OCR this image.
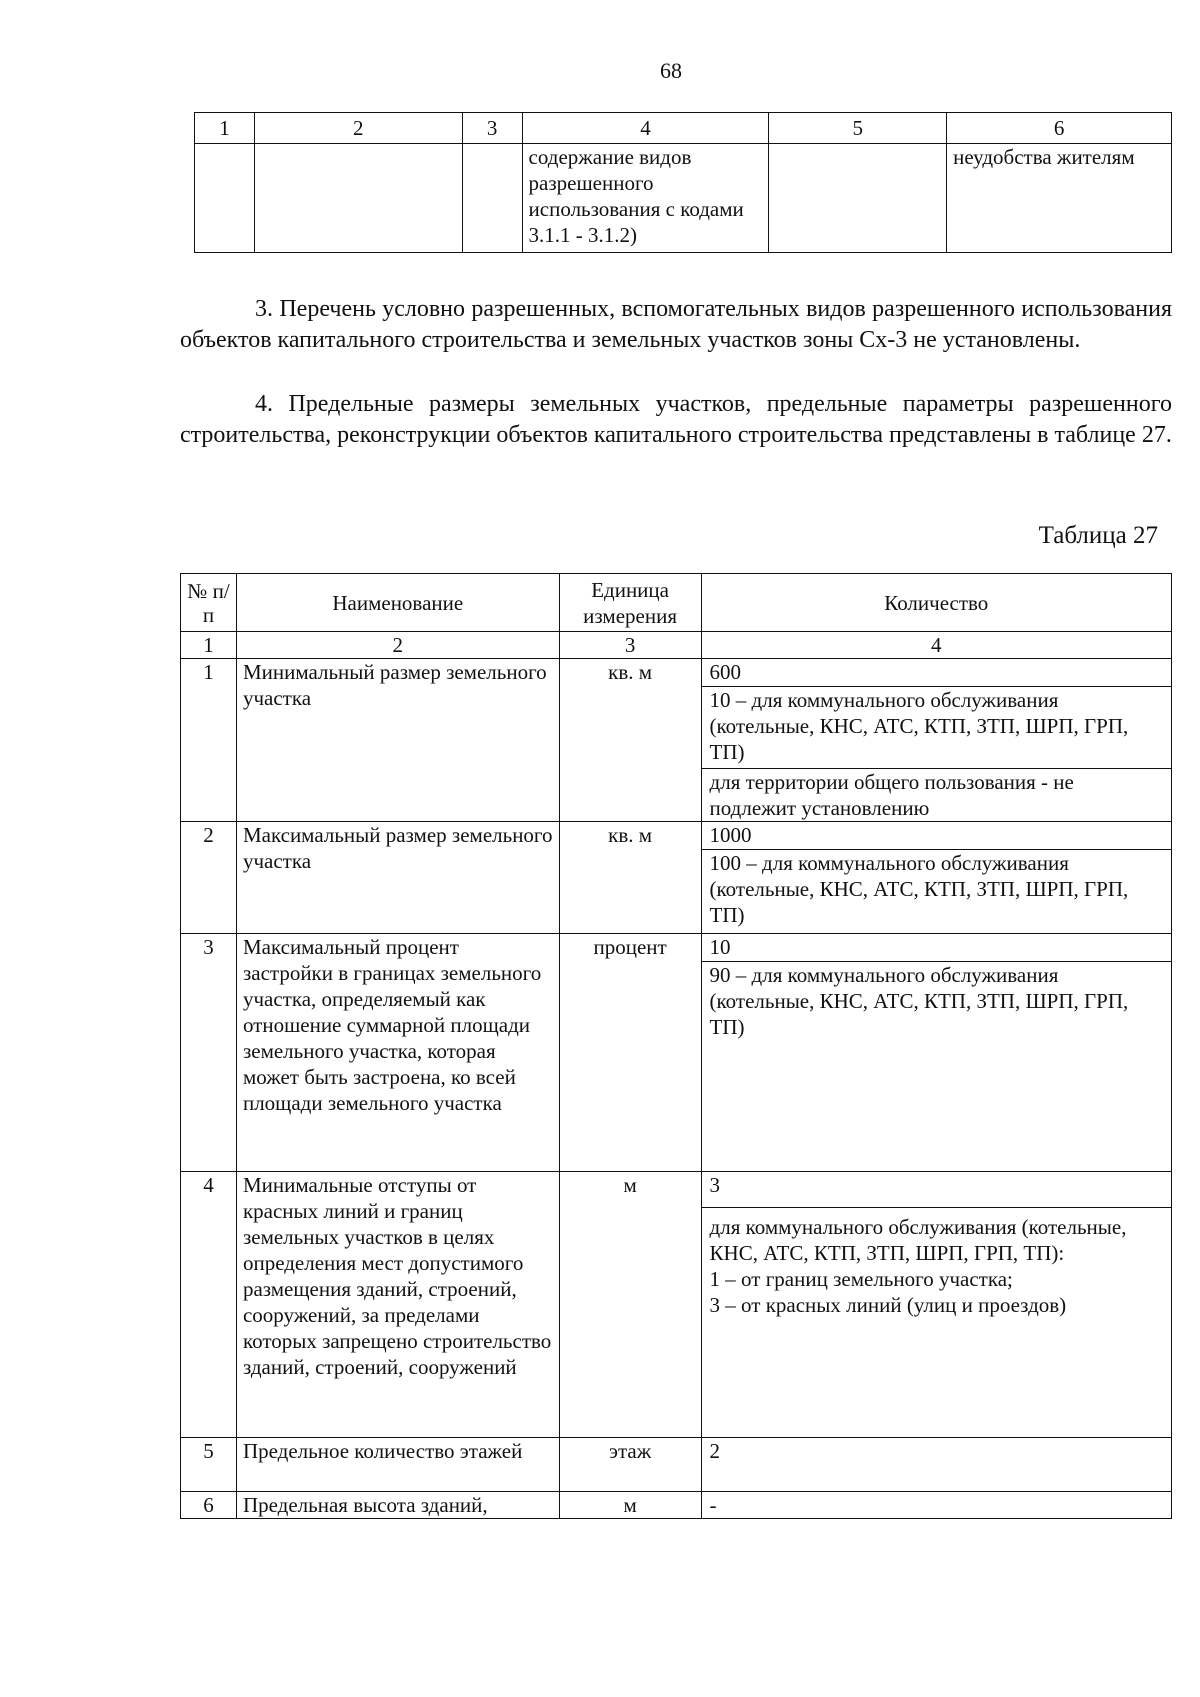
68
1	2	3	4	5	6
			содержание видов разрешенного использования с кодами 3.1.1 - 3.1.2)		неудобства жителям

3. Перечень условно разрешенных, вспомогательных видов разрешенного использования объектов капитального строительства и земельных участков зоны Сх-3 не установлены.

4. Предельные размеры земельных участков, предельные параметры разрешенного строительства, реконструкции объектов капитального строительства представлены в таблице 27.

Таблица 27
№ п/п	Наименование	Единица измерения	Количество
1	2	3	4
1	Минимальный размер земельного участка	кв. м	600
			10 – для коммунального обслуживания (котельные, КНС, АТС, КТП, ЗТП, ШРП, ГРП, ТП)
			для территории общего пользования - не подлежит установлению
2	Максимальный размер земельного участка	кв. м	1000
			100 – для коммунального обслуживания (котельные, КНС, АТС, КТП, ЗТП, ШРП, ГРП, ТП)
3	Максимальный процент застройки в границах земельного участка, определяемый как отношение суммарной площади земельного участка, которая может быть застроена, ко всей площади земельного участка	процент	10
			90 – для коммунального обслуживания (котельные, КНС, АТС, КТП, ЗТП, ШРП, ГРП, ТП)
4	Минимальные отступы от красных линий и границ земельных участков в целях определения мест допустимого размещения зданий, строений, сооружений, за пределами которых запрещено строительство зданий, строений, сооружений	м	3

			для коммунального обслуживания (котельные, КНС, АТС, КТП, ЗТП, ШРП, ГРП, ТП):
1 – от границ земельного участка;
3 – от красных линий (улиц и проездов)

5	Предельное количество этажей	этаж	2
6	Предельная высота зданий,	м	-
